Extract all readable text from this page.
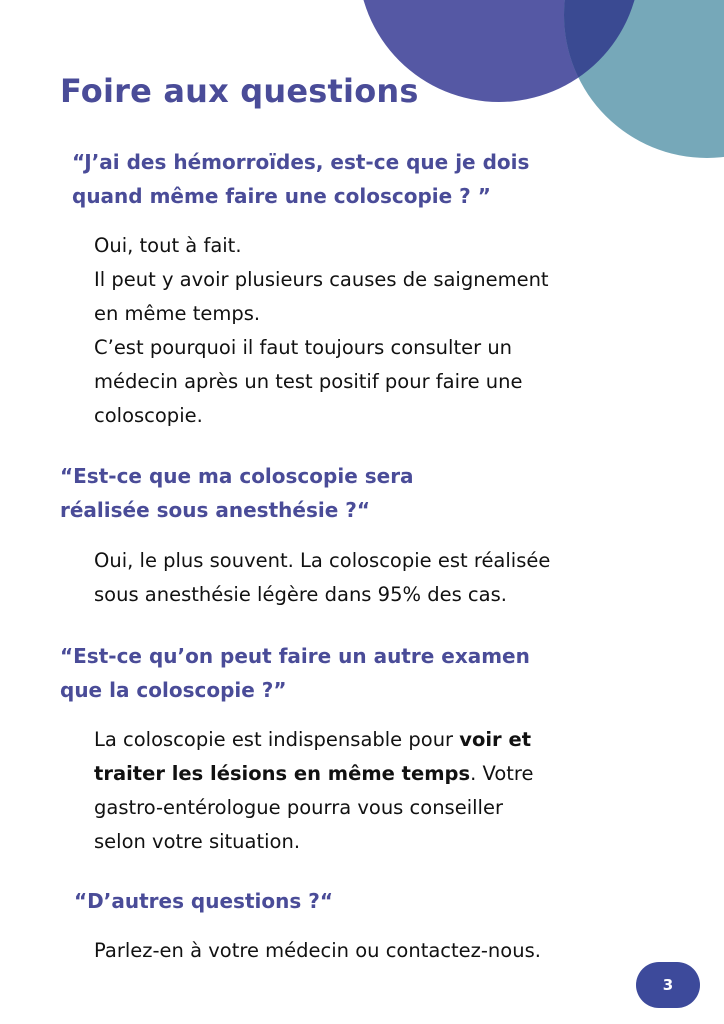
Foire aux questions
“J’ai des hémorroïdes, est-ce que je dois
quand même faire une coloscopie ? ”
Oui, tout à fait.
Il peut y avoir plusieurs causes de saignement
en même temps.
C’est pourquoi il faut toujours consulter un
médecin après un test positif pour faire une
coloscopie.
“Est-ce que ma coloscopie sera
réalisée sous anesthésie ?“
Oui, le plus souvent. La coloscopie est réalisée
sous anesthésie légère dans 95% des cas.
“Est-ce qu’on peut faire un autre examen
que la coloscopie ?”
La coloscopie est indispensable pour voir et
traiter les lésions en même temps. Votre
gastro-entérologue pourra vous conseiller
selon votre situation.
“D’autres questions ?“
Parlez-en à votre médecin ou contactez-nous.
3
